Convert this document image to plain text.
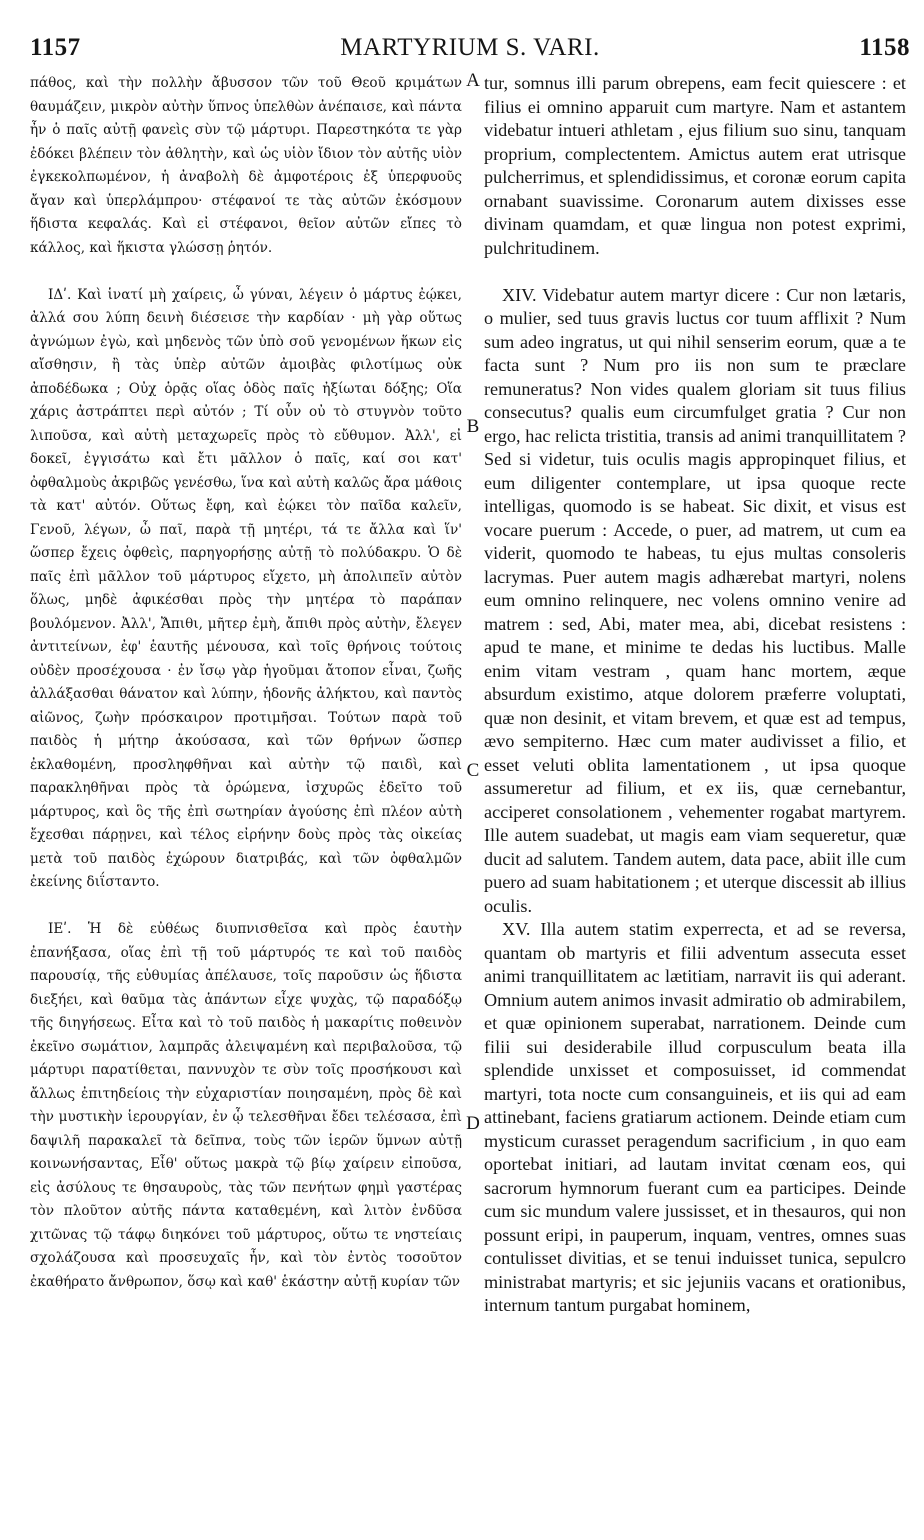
1157	MARTYRIUM S. VARI.	1158

πάθος, καὶ τὴν πολλὴν ἄβυσσον τῶν τοῦ Θεοῦ κριμάτων θαυμάζειν, μικρὸν αὐτὴν ὕπνος ὑπελθὼν ἀνέπαισε, καὶ πάντα ἦν ὁ παῖς αὐτῇ φανεὶς σὺν τῷ μάρτυρι. Παρεστηκότα τε γὰρ ἐδόκει βλέπειν τὸν ἀθλητὴν, καὶ ὡς υἱὸν ἴδιον τὸν αὐτῆς υἱὸν ἐγκεκολπωμένον, ἡ ἀναβολὴ δὲ ἀμφοτέροις ἐξ ὑπερφυοῦς ἄγαν καὶ ὑπερλάμπρου· στέφανοί τε τὰς αὐτῶν ἐκόσμουν ἥδιστα κεφαλάς. Καὶ εἰ στέφανοι, θεῖον αὐτῶν εἴπες τὸ κάλλος, καὶ ἥκιστα γλώσσῃ ῥητόν.

ΙΔʹ. Καὶ ἱνατί μὴ χαίρεις, ὦ γύναι, λέγειν ὁ μάρτυς ἐῴκει, ἀλλά σου λύπη δεινὴ διέσεισε τὴν καρδίαν · μὴ γὰρ οὕτως ἀγνώμων ἐγὼ, καὶ μηδενὸς τῶν ὑπὸ σοῦ γενομένων ἥκων εἰς αἴσθησιν, ἢ τὰς ὑπὲρ αὐτῶν ἀμοιβὰς φιλοτίμως οὐκ ἀποδέδωκα ; Οὐχ ὁρᾷς οἵας ὁδὸς παῖς ἠξίωται δόξης; Οἵα χάρις ἀστράπτει περὶ αὐτόν ; Τί οὖν οὐ τὸ στυγνὸν τοῦτο λιποῦσα, καὶ αὐτὴ μεταχωρεῖς πρὸς τὸ εὔθυμον. Ἀλλ', εἰ δοκεῖ, ἐγγισάτω καὶ ἔτι μᾶλλον ὁ παῖς, καί σοι κατ' ὀφθαλμοὺς ἀκριβῶς γενέσθω, ἵνα καὶ αὐτὴ καλῶς ἄρα μάθοις τὰ κατ' αὐτόν. Οὕτως ἔφη, καὶ ἐῴκει τὸν παῖδα καλεῖν, Γενοῦ, λέγων, ὦ παῖ, παρὰ τῇ μητέρι, τά τε ἄλλα καὶ ἵν' ὥσπερ ἔχεις ὀφθεὶς, παρηγορήσῃς αὐτῇ τὸ πολύδακρυ. Ὁ δὲ παῖς ἐπὶ μᾶλλον τοῦ μάρτυρος εἴχετο, μὴ ἀπολιπεῖν αὐτὸν ὅλως, μηδὲ ἀφικέσθαι πρὸς τὴν μητέρα τὸ παράπαν βουλόμενον. Ἀλλ', Ἄπιθι, μῆτερ ἐμὴ, ἄπιθι πρὸς αὐτὴν, ἔλεγεν ἀντιτείνων, ἐφ' ἑαυτῆς μένουσα, καὶ τοῖς θρήνοις τούτοις οὐδὲν προσέχουσα · ἐν ἴσῳ γὰρ ἡγοῦμαι ἄτοπον εἶναι, ζωῆς ἀλλάξασθαι θάνατον καὶ λύπην, ἡδονῆς ἀλήκτου, καὶ παντὸς αἰῶνος, ζωὴν πρόσκαιρον προτιμῆσαι. Τούτων παρὰ τοῦ παιδὸς ἡ μήτηρ ἀκούσασα, καὶ τῶν θρήνων ὥσπερ ἐκλαθομένη, προσληφθῆναι καὶ αὐτὴν τῷ παιδὶ, καὶ παρακληθῆναι πρὸς τὰ ὁρώμενα, ἰσχυρῶς ἐδεῖτο τοῦ μάρτυρος, καὶ ὃς τῆς ἐπὶ σωτηρίαν ἀγούσης ἐπὶ πλέον αὐτὴ ἔχεσθαι πάρῃνει, καὶ τέλος εἰρήνην δοὺς πρὸς τὰς οἰκείας μετὰ τοῦ παιδὸς ἐχώρουν διατριβάς, καὶ τῶν ὀφθαλμῶν ἐκείνης διΐσταντο.

ΙΕʹ. Ἡ δὲ εὐθέως διυπνισθεῖσα καὶ πρὸς ἑαυτὴν ἐπανήξασα, οἵας ἐπὶ τῇ τοῦ μάρτυρός τε καὶ τοῦ παιδὸς παρουσίᾳ, τῆς εὐθυμίας ἀπέλαυσε, τοῖς παροῦσιν ὡς ἥδιστα διεξήει, καὶ θαῦμα τὰς ἁπάντων εἶχε ψυχὰς, τῷ παραδόξῳ τῆς διηγήσεως. Εἶτα καὶ τὸ τοῦ παιδὸς ἡ μακαρίτις ποθεινὸν ἐκεῖνο σωμάτιον, λαμπρᾶς ἀλειψαμένη καὶ περιβαλοῦσα, τῷ μάρτυρι παρατίθεται, παννυχὸν τε σὺν τοῖς προσήκουσι καὶ ἄλλως ἐπιτηδείοις τὴν εὐχαριστίαν ποιησαμένη, πρὸς δὲ καὶ τὴν μυστικὴν ἱερουργίαν, ἐν ᾧ τελεσθῆναι ἔδει τελέσασα, ἐπὶ δαψιλῆ παρακαλεῖ τὰ δεῖπνα, τοὺς τῶν ἱερῶν ὕμνων αὐτῇ κοινωνήσαντας, Εἶθ' οὕτως μακρὰ τῷ βίῳ χαίρειν εἰποῦσα, εἰς ἀσύλους τε θησαυροὺς, τὰς τῶν πενήτων φημὶ γαστέρας τὸν πλοῦτον αὐτῆς πάντα καταθεμένη, καὶ λιτὸν ἐνδῦσα χιτῶνας τῷ τάφῳ διηκόνει τοῦ μάρτυρος, οὕτω τε νηστείαις σχολάζουσα καὶ προσευχαῖς ἦν, καὶ τὸν ἐντὸς τοσοῦτον ἐκαθήρατο ἄνθρωπον, ὅσῳ καὶ καθ' ἑκάστην αὐτῇ κυρίαν τῶν

A
B
C
D

tur, somnus illi parum obrepens, eam fecit quiescere : et filius ei omnino apparuit cum martyre. Nam et astantem videbatur intueri athletam , ejus filium suo sinu, tanquam proprium, complectentem. Amictus autem erat utrisque pulcherrimus, et splendidissimus, et coronæ eorum capita ornabant suavissime. Coronarum autem dixisses esse divinam quamdam, et quæ lingua non potest exprimi, pulchritudinem.

XIV. Videbatur autem martyr dicere : Cur non lætaris, o mulier, sed tuus gravis luctus cor tuum afflixit ? Num sum adeo ingratus, ut qui nihil senserim eorum, quæ a te facta sunt ? Num pro iis non sum te præclare remuneratus? Non vides qualem gloriam sit tuus filius consecutus? qualis eum circumfulget gratia ? Cur non ergo, hac relicta tristitia, transis ad animi tranquillitatem ? Sed si videtur, tuis oculis magis appropinquet filius, et eum diligenter contemplare, ut ipsa quoque recte intelligas, quomodo is se habeat. Sic dixit, et visus est vocare puerum : Accede, o puer, ad matrem, ut cum ea viderit, quomodo te habeas, tu ejus multas consoleris lacrymas. Puer autem magis adhærebat martyri, nolens eum omnino relinquere, nec volens omnino venire ad matrem : sed, Abi, mater mea, abi, dicebat resistens : apud te mane, et minime te dedas his luctibus. Malle enim vitam vestram , quam hanc mortem, æque absurdum existimo, atque dolorem præferre voluptati, quæ non desinit, et vitam brevem, et quæ est ad tempus, ævo sempiterno. Hæc cum mater audivisset a filio, et esset veluti oblita lamentationem , ut ipsa quoque assumeretur ad filium, et ex iis, quæ cernebantur, acciperet consolationem , vehementer rogabat martyrem. Ille autem suadebat, ut magis eam viam sequeretur, quæ ducit ad salutem. Tandem autem, data pace, abiit ille cum puero ad suam habitationem ; et uterque discessit ab illius oculis.

XV. Illa autem statim experrecta, et ad se reversa, quantam ob martyris et filii adventum assecuta esset animi tranquillitatem ac lætitiam, narravit iis qui aderant. Omnium autem animos invasit admiratio ob admirabilem, et quæ opinionem superabat, narrationem. Deinde cum filii sui desiderabile illud corpusculum beata illa splendide unxisset et composuisset, id commendat martyri, tota nocte cum consanguineis, et iis qui ad eam attinebant, faciens gratiarum actionem. Deinde etiam cum mysticum curasset peragendum sacrificium , in quo eam oportebat initiari, ad lautam invitat cœnam eos, qui sacrorum hymnorum fuerant cum ea participes. Deinde cum sic mundum valere jussisset, et in thesauros, qui non possunt eripi, in pauperum, inquam, ventres, omnes suas contulisset divitias, et se tenui induisset tunica, sepulcro ministrabat martyris; et sic jejuniis vacans et orationibus, internum tantum purgabat hominem,
